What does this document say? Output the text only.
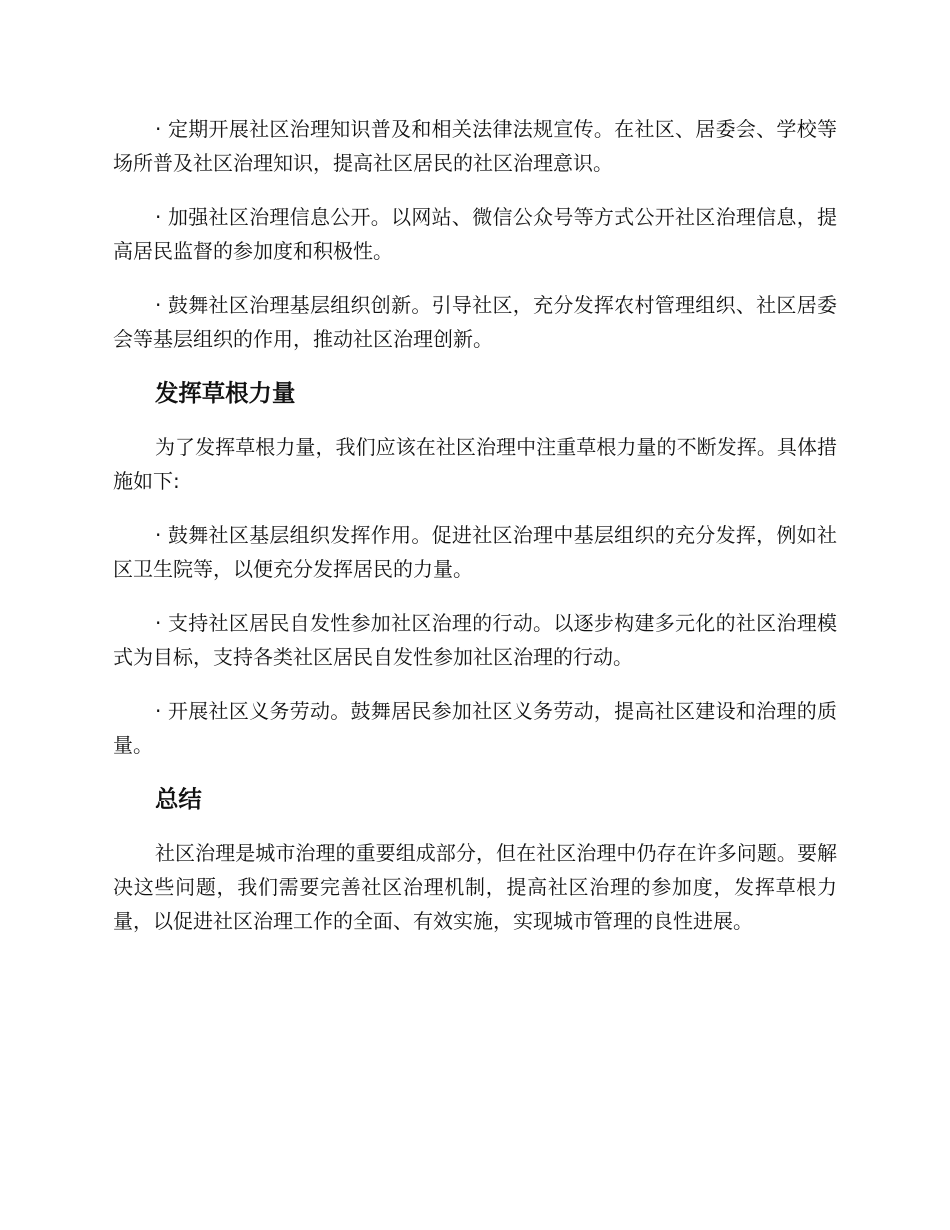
· 定期开展社区治理知识普及和相关法律法规宣传。在社区、居委会、学校等场所普及社区治理知识，提高社区居民的社区治理意识。

· 加强社区治理信息公开。以网站、微信公众号等方式公开社区治理信息，提高居民监督的参加度和积极性。

· 鼓舞社区治理基层组织创新。引导社区，充分发挥农村管理组织、社区居委会等基层组织的作用，推动社区治理创新。

发挥草根力量

为了发挥草根力量，我们应该在社区治理中注重草根力量的不断发挥。具体措施如下:

· 鼓舞社区基层组织发挥作用。促进社区治理中基层组织的充分发挥，例如社区卫生院等，以便充分发挥居民的力量。

· 支持社区居民自发性参加社区治理的行动。以逐步构建多元化的社区治理模式为目标，支持各类社区居民自发性参加社区治理的行动。

· 开展社区义务劳动。鼓舞居民参加社区义务劳动，提高社区建设和治理的质量。

总结

社区治理是城市治理的重要组成部分，但在社区治理中仍存在许多问题。要解决这些问题，我们需要完善社区治理机制，提高社区治理的参加度，发挥草根力量，以促进社区治理工作的全面、有效实施，实现城市管理的良性进展。
